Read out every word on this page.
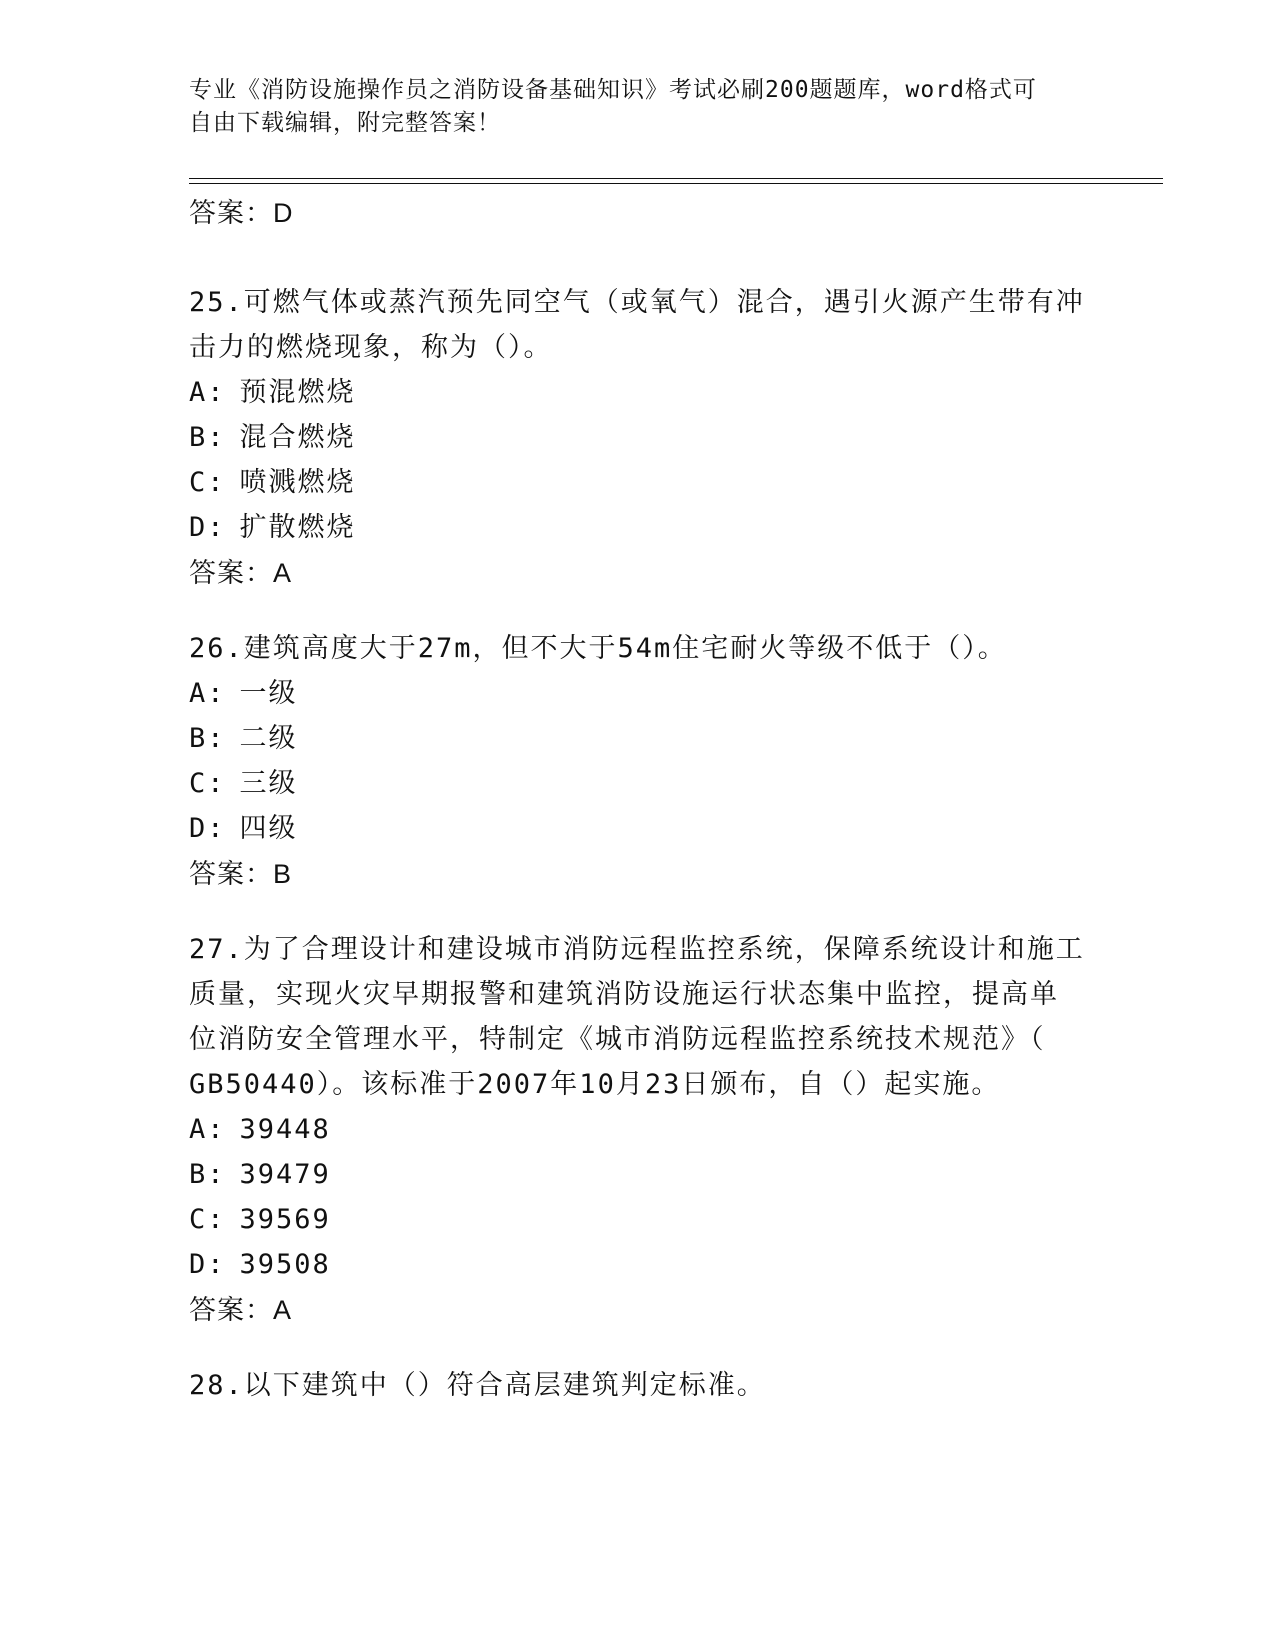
专业《消防设施操作员之消防设备基础知识》考试必刷200题题库，word格式可
自由下载编辑，附完整答案！
答案：D
25.可燃气体或蒸汽预先同空气（或氧气）混合，遇引火源产生带有冲
击力的燃烧现象，称为（）。
A: 预混燃烧
B: 混合燃烧
C: 喷溅燃烧
D: 扩散燃烧
答案：A
26.建筑高度大于27m，但不大于54m住宅耐火等级不低于（）。
A: 一级
B: 二级
C: 三级
D: 四级
答案：B
27.为了合理设计和建设城市消防远程监控系统，保障系统设计和施工
质量，实现火灾早期报警和建筑消防设施运行状态集中监控，提高单
位消防安全管理水平，特制定《城市消防远程监控系统技术规范》（
GB50440）。该标准于2007年10月23日颁布，自（）起实施。
A: 39448
B: 39479
C: 39569
D: 39508
答案：A
28.以下建筑中（）符合高层建筑判定标准。
